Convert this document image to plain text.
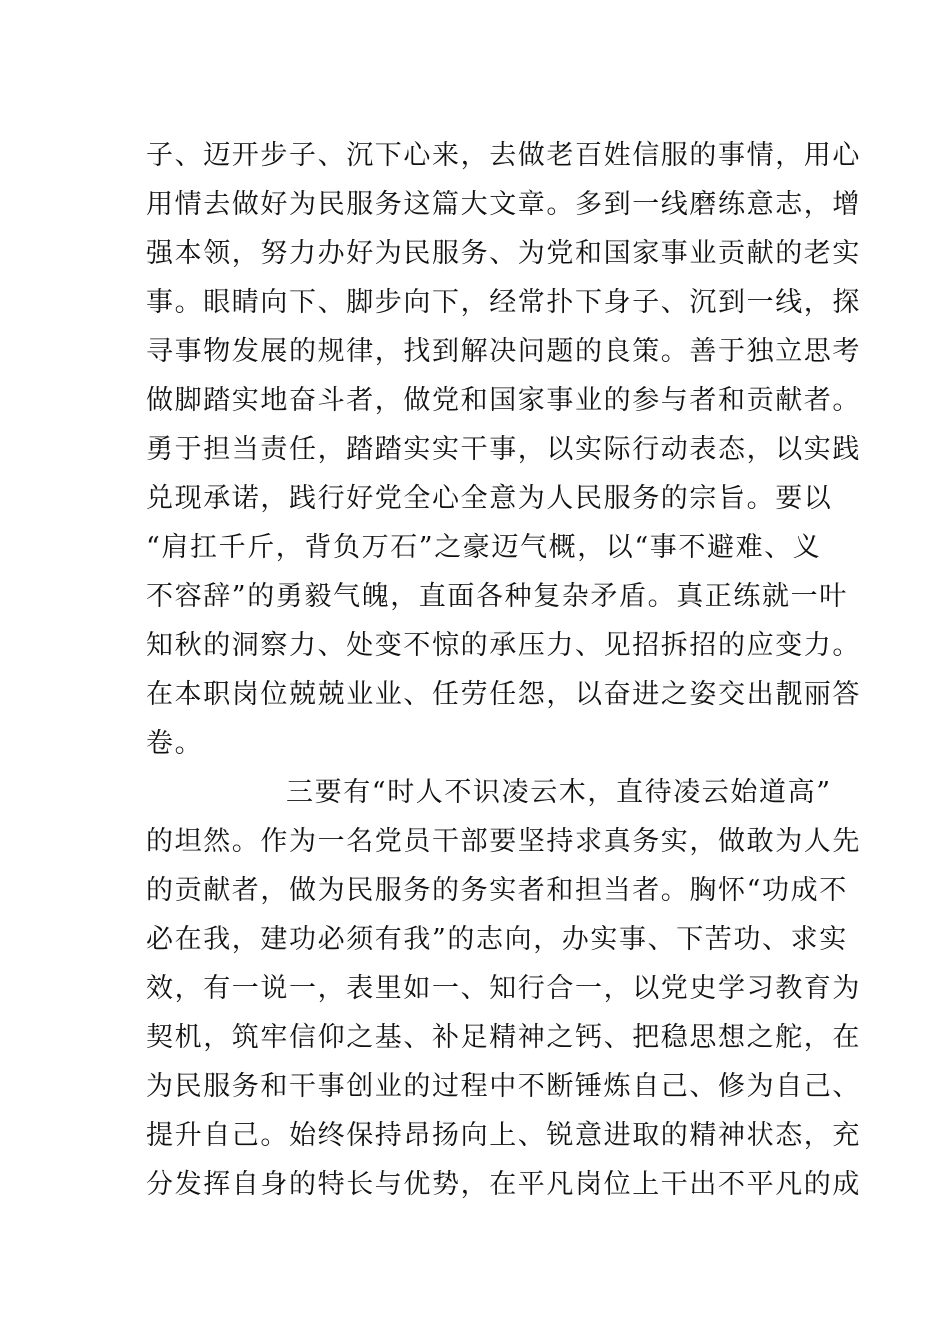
子、迈开步子、沉下心来，去做老百姓信服的事情，用心
用情去做好为民服务这篇大文章。多到一线磨练意志，增
强本领，努力办好为民服务、为党和国家事业贡献的老实
事。眼睛向下、脚步向下，经常扑下身子、沉到一线，探
寻事物发展的规律，找到解决问题的良策。善于独立思考
做脚踏实地奋斗者，做党和国家事业的参与者和贡献者。
勇于担当责任，踏踏实实干事，以实际行动表态，以实践
兑现承诺，践行好党全心全意为人民服务的宗旨。要以
“肩扛千斤，背负万石”之豪迈气概，以“事不避难、义
不容辞”的勇毅气魄，直面各种复杂矛盾。真正练就一叶
知秋的洞察力、处变不惊的承压力、见招拆招的应变力。
在本职岗位兢兢业业、任劳任怨，以奋进之姿交出靓丽答
卷。
三要有“时人不识凌云木，直待凌云始道高”
的坦然。作为一名党员干部要坚持求真务实，做敢为人先
的贡献者，做为民服务的务实者和担当者。胸怀“功成不
必在我，建功必须有我”的志向，办实事、下苦功、求实
效，有一说一，表里如一、知行合一，以党史学习教育为
契机，筑牢信仰之基、补足精神之钙、把稳思想之舵，在
为民服务和干事创业的过程中不断锤炼自己、修为自己、
提升自己。始终保持昂扬向上、锐意进取的精神状态，充
分发挥自身的特长与优势，在平凡岗位上干出不平凡的成
